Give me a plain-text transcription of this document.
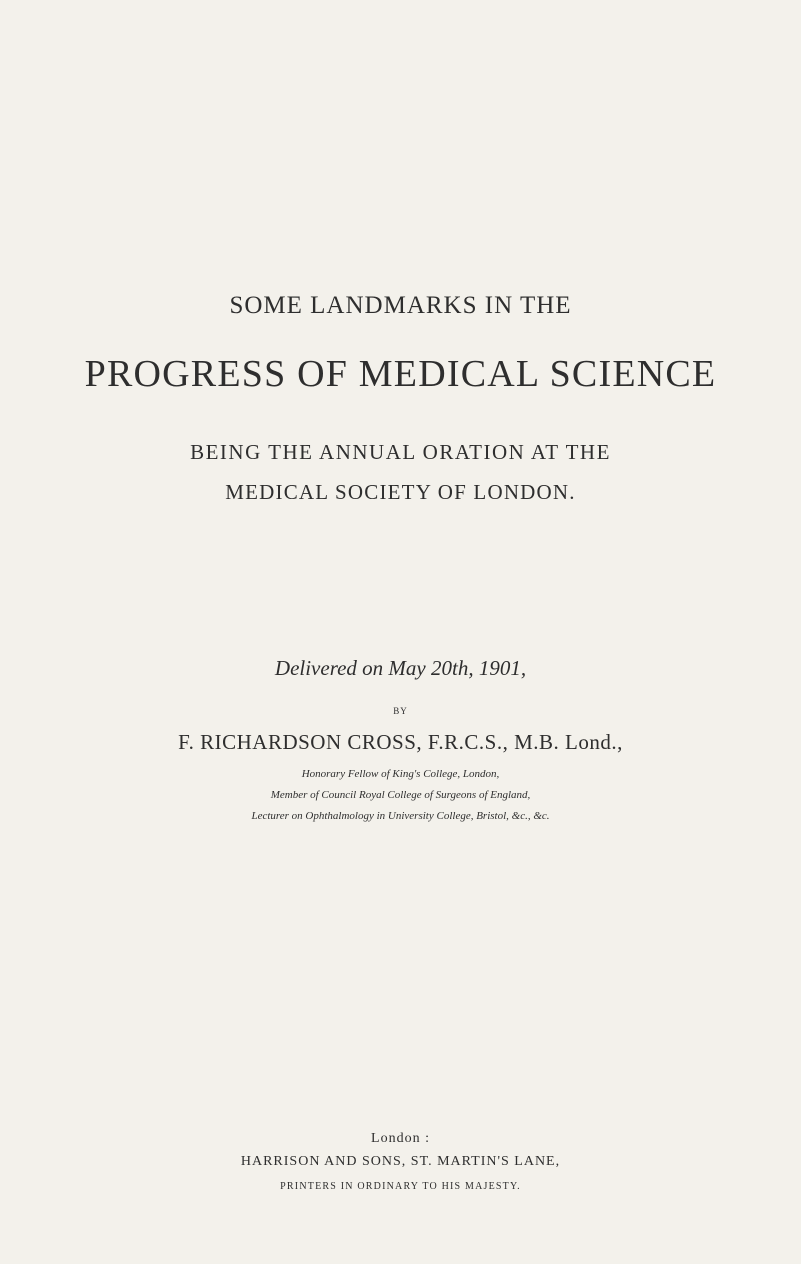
SOME LANDMARKS IN THE
PROGRESS OF MEDICAL SCIENCE
BEING THE ANNUAL ORATION AT THE
MEDICAL SOCIETY OF LONDON.
Delivered on May 20th, 1901,
BY
F. RICHARDSON CROSS, F.R.C.S., M.B. Lond.,
Honorary Fellow of King's College, London,
Member of Council Royal College of Surgeons of England,
Lecturer on Ophthalmology in University College, Bristol, &c., &c.
London :
HARRISON AND SONS, ST. MARTIN'S LANE,
PRINTERS IN ORDINARY TO HIS MAJESTY.
